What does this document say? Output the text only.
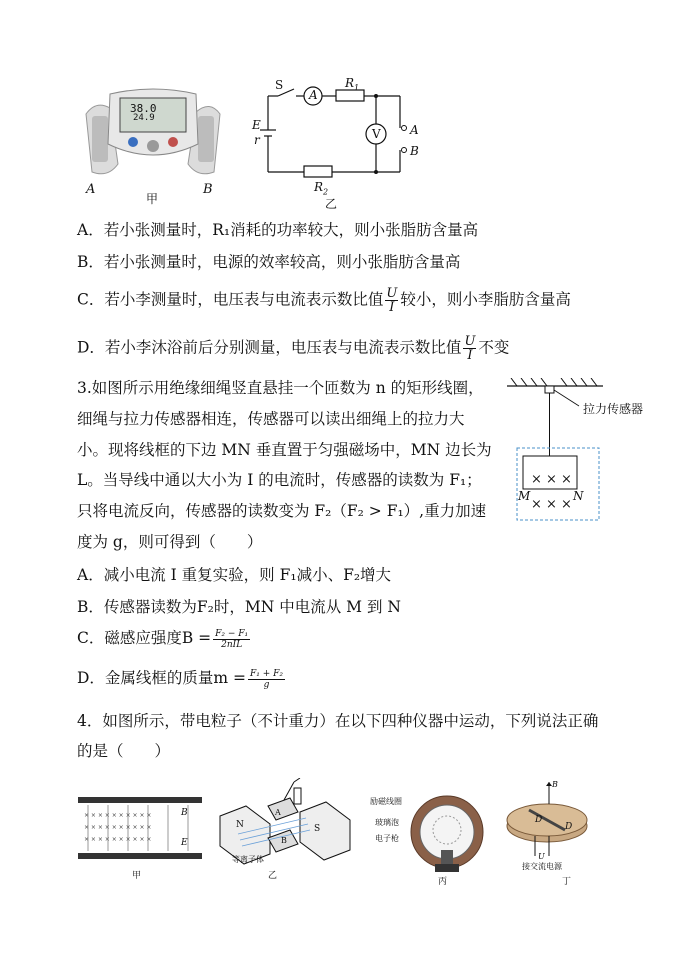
38.0
24.9
A
甲
B
S
A
$R_1$
E
r	V A
B
$R_2$
乙
A．若小张测量时，R₁消耗的功率较大，则小张脂肪含量高
B．若小张测量时，电源的效率较高，则小张脂肪含量高
C．若小李测量时，电压表与电流表示数比值 $\frac{U}{I}$ 较小，则小李脂肪含量高
D．若小李沐浴前后分别测量，电压表与电流表示数比值 $\frac{U}{I}$ 不变
3.如图所示用绝缘细绳竖直悬挂一个匝数为 n 的矩形线圈，
细绳与拉力传感器相连，传感器可以读出细绳上的拉力大
小。现将线框的下边 MN 垂直置于匀强磁场中，MN 边长为
L。当导线中通以大小为 I 的电流时，传感器的读数为 F₁；
只将电流反向，传感器的读数变为 F₂（F₂ > F₁）,重力加速
度为 g，则可得到（　　）
A．减小电流 I 重复实验，则 F₁减小、F₂增大
B．传感器读数为F₂时，MN 中电流从 M 到 N
C．磁感应强度$B = \frac{\text{F₂ − F₁}}{\text{2nIL}}$
D．金属线框的质量$m = \frac{\text{F₁ + F₂}}{g}$
拉力传感器
× × ×
M	N
× × ×
4．如图所示，带电粒子（不计重力）在以下四种仪器中运动，下列说法正确
的是（　　）
× × × × × × × × × ×
× × × × × × × × × ×
× × × × × × × × × ×
B
E
甲
N	S
A
B
等离子体
乙
励磁线圈
玻璃泡
电子枪
丙
B
D
D
U
接交流电源
丁
